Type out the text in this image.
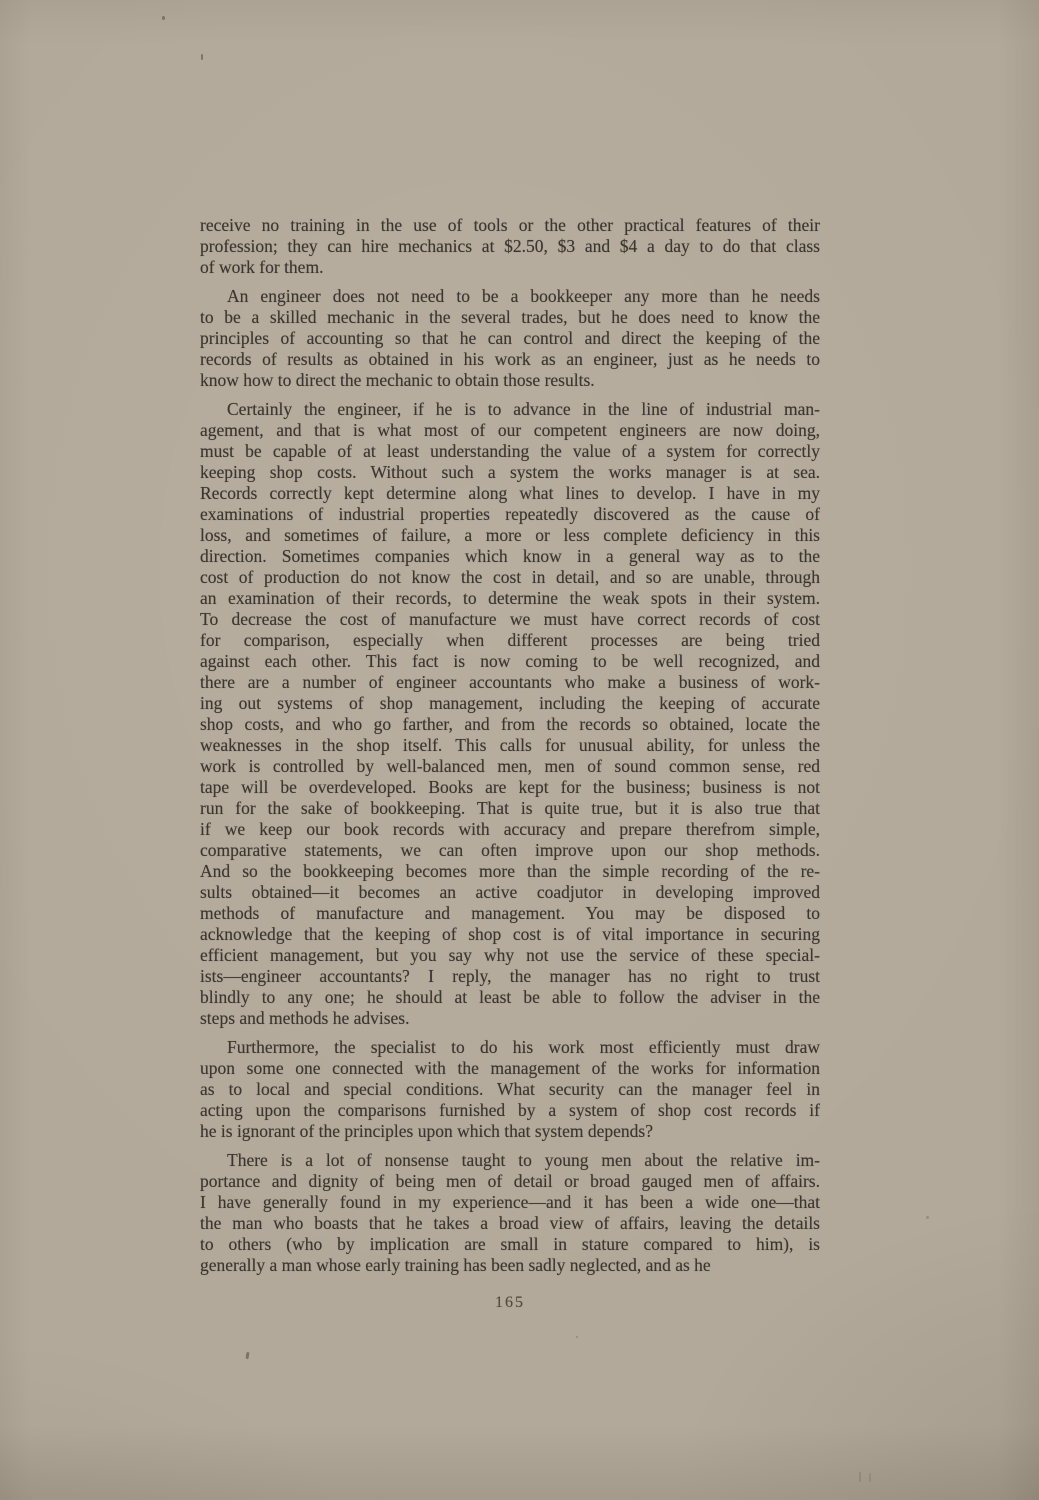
receive no training in the use of tools or the other practical features of their
profession; they can hire mechanics at $2.50, $3 and $4 a day to do that class
of work for them.

An engineer does not need to be a bookkeeper any more than he needs
to be a skilled mechanic in the several trades, but he does need to know the
principles of accounting so that he can control and direct the keeping of the
records of results as obtained in his work as an engineer, just as he needs to
know how to direct the mechanic to obtain those results.

Certainly the engineer, if he is to advance in the line of industrial man-
agement, and that is what most of our competent engineers are now doing,
must be capable of at least understanding the value of a system for correctly
keeping shop costs. Without such a system the works manager is at sea.
Records correctly kept determine along what lines to develop. I have in my
examinations of industrial properties repeatedly discovered as the cause of
loss, and sometimes of failure, a more or less complete deficiency in this
direction. Sometimes companies which know in a general way as to the
cost of production do not know the cost in detail, and so are unable, through
an examination of their records, to determine the weak spots in their system.
To decrease the cost of manufacture we must have correct records of cost
for comparison, especially when different processes are being tried
against each other. This fact is now coming to be well recognized, and
there are a number of engineer accountants who make a business of work-
ing out systems of shop management, including the keeping of accurate
shop costs, and who go farther, and from the records so obtained, locate the
weaknesses in the shop itself. This calls for unusual ability, for unless the
work is controlled by well-balanced men, men of sound common sense, red
tape will be overdeveloped. Books are kept for the business; business is not
run for the sake of bookkeeping. That is quite true, but it is also true that
if we keep our book records with accuracy and prepare therefrom simple,
comparative statements, we can often improve upon our shop methods.
And so the bookkeeping becomes more than the simple recording of the re-
sults obtained—it becomes an active coadjutor in developing improved
methods of manufacture and management. You may be disposed to
acknowledge that the keeping of shop cost is of vital importance in securing
efficient management, but you say why not use the service of these special-
ists—engineer accountants? I reply, the manager has no right to trust
blindly to any one; he should at least be able to follow the adviser in the
steps and methods he advises.

Furthermore, the specialist to do his work most efficiently must draw
upon some one connected with the management of the works for information
as to local and special conditions. What security can the manager feel in
acting upon the comparisons furnished by a system of shop cost records if
he is ignorant of the principles upon which that system depends?

There is a lot of nonsense taught to young men about the relative im-
portance and dignity of being men of detail or broad gauged men of affairs.
I have generally found in my experience—and it has been a wide one—that
the man who boasts that he takes a broad view of affairs, leaving the details
to others (who by implication are small in stature compared to him), is
generally a man whose early training has been sadly neglected, and as he

165
